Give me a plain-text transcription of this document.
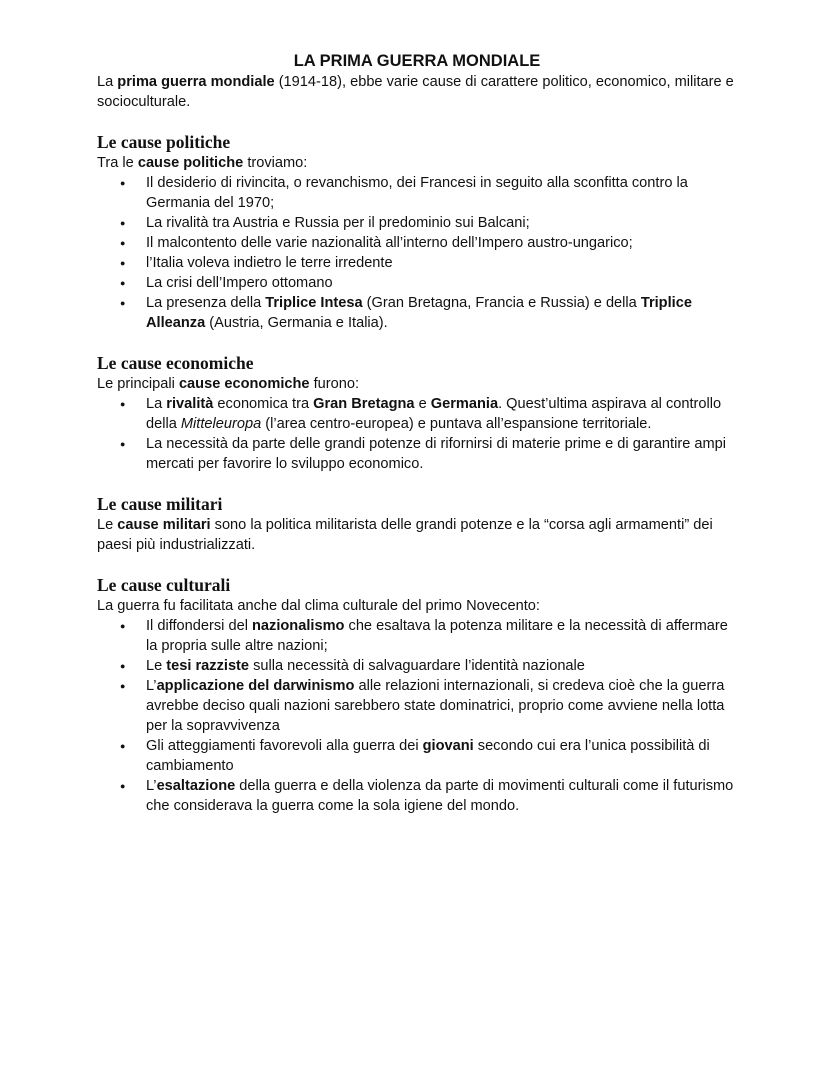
LA PRIMA GUERRA MONDIALE

La prima guerra mondiale (1914-18), ebbe varie cause di carattere politico, economico, militare e socioculturale.

Le cause politiche

Tra le cause politiche troviamo:

● Il desiderio di rivincita, o revanchismo, dei Francesi in seguito alla sconfitta contro la Germania del 1970;
● La rivalità tra Austria e Russia per il predominio sui Balcani;
● Il malcontento delle varie nazionalità all’interno dell’Impero austro-ungarico;
● l’Italia voleva indietro le terre irredente
● La crisi dell’Impero ottomano
● La presenza della Triplice Intesa (Gran Bretagna, Francia e Russia) e della Triplice Alleanza (Austria, Germania e Italia).
Le cause economiche

Le principali cause economiche furono:

● La rivalità economica tra Gran Bretagna e Germania. Quest’ultima aspirava al controllo della Mitteleuropa (l’area centro-europea) e puntava all’espansione territoriale.
● La necessità da parte delle grandi potenze di rifornirsi di materie prime e di garantire ampi mercati per favorire lo sviluppo economico.
Le cause militari

Le cause militari sono la politica militarista delle grandi potenze e la “corsa agli armamenti” dei paesi più industrializzati.

Le cause culturali

La guerra fu facilitata anche dal clima culturale del primo Novecento:

● Il diffondersi del nazionalismo che esaltava la potenza militare e la necessità di affermare la propria sulle altre nazioni;
● Le tesi razziste sulla necessità di salvaguardare l’identità nazionale
● L’applicazione del darwinismo alle relazioni internazionali, si credeva cioè che la guerra avrebbe deciso quali nazioni sarebbero state dominatrici, proprio come avviene nella lotta per la sopravvivenza
● Gli atteggiamenti favorevoli alla guerra dei giovani secondo cui era l’unica possibilità di cambiamento
● L’esaltazione della guerra e della violenza da parte di movimenti culturali come il futurismo che considerava la guerra come la sola igiene del mondo.
